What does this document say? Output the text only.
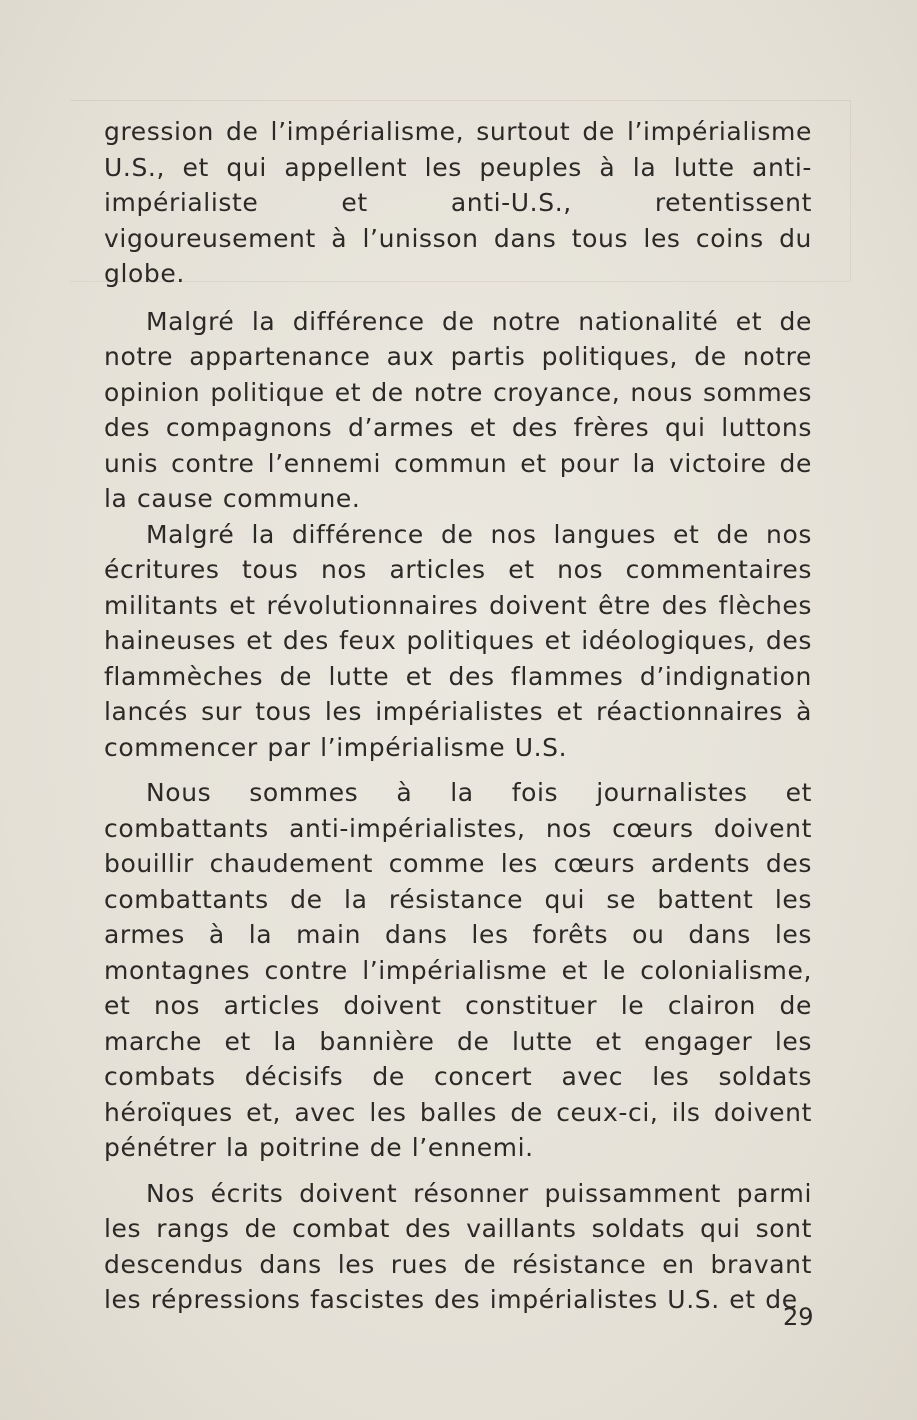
gression de l’impérialisme, surtout de l’impérialisme U.S., et qui appellent les peuples à la lutte anti-impérialiste et anti-U.S., retentissent vigoureusement à l’unisson dans tous les coins du globe.

Malgré la différence de notre nationalité et de notre appartenance aux partis politiques, de notre opinion politique et de notre croyance, nous sommes des compagnons d’armes et des frères qui luttons unis contre l’ennemi commun et pour la victoire de la cause commune.

Malgré la différence de nos langues et de nos écritures tous nos articles et nos commentaires militants et révolutionnaires doivent être des flèches haineuses et des feux politiques et idéologiques, des flammèches de lutte et des flammes d’indignation lancés sur tous les impérialistes et réactionnaires à commencer par l’impérialisme U.S.

Nous sommes à la fois journalistes et combattants anti-impérialistes, nos cœurs doivent bouillir chaudement comme les cœurs ardents des combattants de la résistance qui se battent les armes à la main dans les forêts ou dans les montagnes contre l’impérialisme et le colonialisme, et nos articles doivent constituer le clairon de marche et la bannière de lutte et engager les combats décisifs de concert avec les soldats héroïques et, avec les balles de ceux-ci, ils doivent pénétrer la poitrine de l’ennemi.

Nos écrits doivent résonner puissamment parmi les rangs de combat des vaillants soldats qui sont descendus dans les rues de résistance en bravant les répressions fascistes des impérialistes U.S. et de

29
